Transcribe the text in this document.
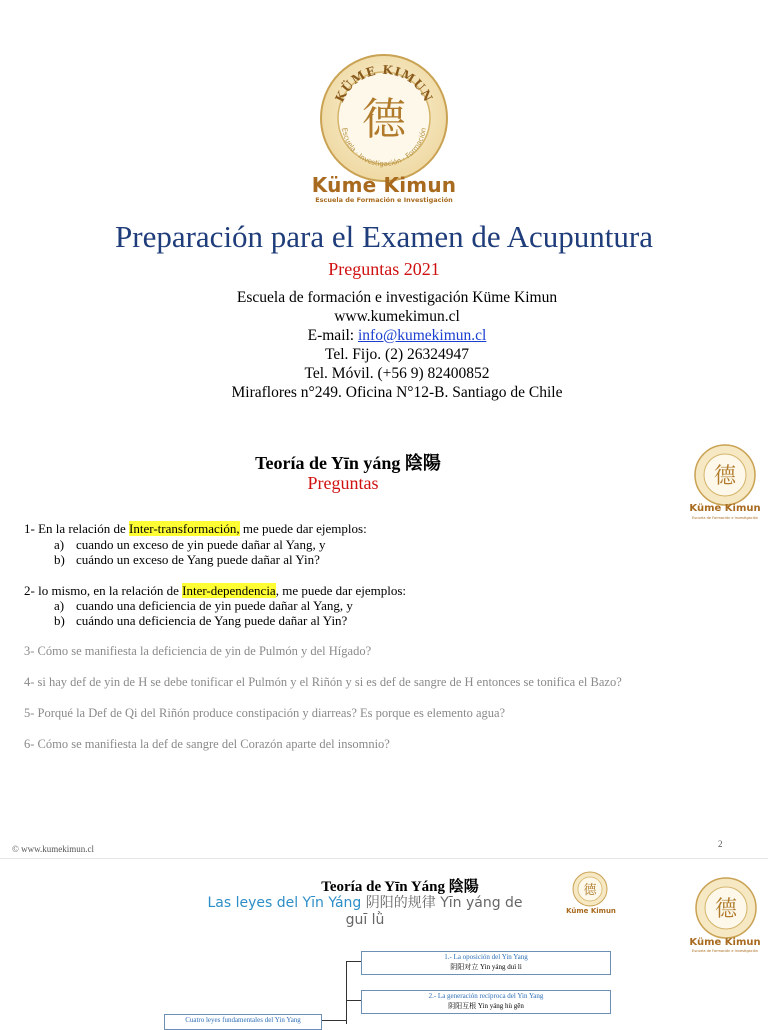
KÜME KIMUN
Escuela · Investigación · Formación
德
Küme Kimun
Escuela de Formación e Investigación
Preparación para el Examen de Acupuntura
Preguntas 2021
Escuela de formación e investigación Küme Kimun
www.kumekimun.cl
E-mail: info@kumekimun.cl
Tel. Fijo. (2) 26324947
Tel. Móvil. (+56 9) 82400852
Miraflores n°249. Oficina N°12-B. Santiago de Chile
Teoría de Yīn yáng 陰陽
Preguntas	德
Küme Kimun
Escuela de Formación e Investigación
1- En la relación de Inter-transformación, me puede dar ejemplos:
a) cuando un exceso de yin puede dañar al Yang, y
b) cuándo un exceso de Yang puede dañar al Yin?
2- lo mismo, en la relación de Inter-dependencia, me puede dar ejemplos:
a) cuando una deficiencia de yin puede dañar al Yang, y
b) cuándo una deficiencia de Yang puede dañar al Yin?
3- Cómo se manifiesta la deficiencia de yin de Pulmón y del Hígado?
4- si hay def de yin de H se debe tonificar el Pulmón y el Riñón y si es def de sangre de H entonces se tonifica el Bazo?
5- Porqué la Def de Qi del Riñón produce constipación y diarreas? Es porque es elemento agua?
6- Cómo se manifiesta la def de sangre del Corazón aparte del insomnio?
© www.kumekimun.cl	2
Teoría de Yīn Yáng 陰陽
Las leyes del Yīn Yáng 阴阳的规律 Yīn yáng de guī lǜ
德
Küme Kimun	德
Küme Kimun
Escuela de Formación e Investigación
1.- La oposición del Yin Yang
阴阳对立 Yin yáng duì lì
2.- La generación recíproca del Yin Yang
阴阳互根 Yin yáng hù gēn
Cuatro leyes fundamentales del Yin Yang
